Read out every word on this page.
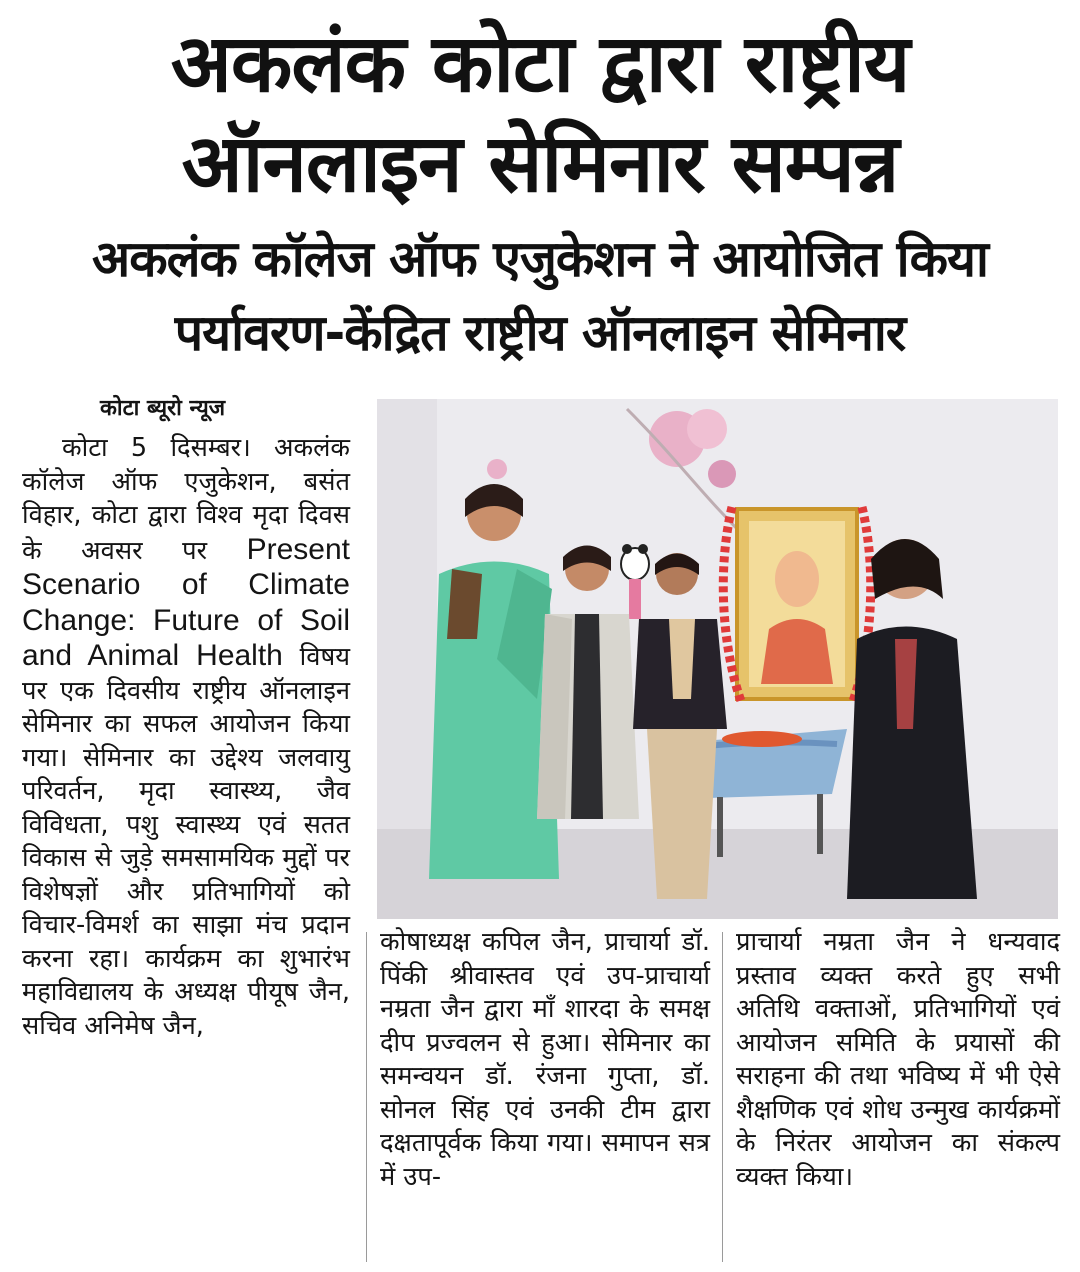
अकलंक कोटा द्वारा राष्ट्रीय
ऑनलाइन सेमिनार सम्पन्न
अकलंक कॉलेज ऑफ एजुकेशन ने आयोजित किया
पर्यावरण-केंद्रित राष्ट्रीय ऑनलाइन सेमिनार
कोटा ब्यूरो न्यूज

कोटा 5 दिसम्बर। अकलंक कॉलेज ऑफ एजुकेशन, बसंत विहार, कोटा द्वारा विश्व मृदा दिवस के अवसर पर Present Scenario of Climate Change: Future of Soil and Animal Health विषय पर एक दिवसीय राष्ट्रीय ऑनलाइन सेमिनार का सफल आयोजन किया गया। सेमिनार का उद्देश्य जलवायु परिवर्तन, मृदा स्वास्थ्य, जैव विविधता, पशु स्वास्थ्य एवं सतत विकास से जुड़े समसामयिक मुद्दों पर विशेषज्ञों और प्रतिभागियों को विचार-विमर्श का साझा मंच प्रदान करना रहा। कार्यक्रम का शुभारंभ महाविद्यालय के अध्यक्ष पीयूष जैन, सचिव अनिमेष जैन,

कोषाध्यक्ष कपिल जैन, प्राचार्या डॉ. पिंकी श्रीवास्तव एवं उप-प्राचार्या नम्रता जैन द्वारा माँ शारदा के समक्ष दीप प्रज्वलन से हुआ। सेमिनार का समन्वयन डॉ. रंजना गुप्ता, डॉ. सोनल सिंह एवं उनकी टीम द्वारा दक्षतापूर्वक किया गया। समापन सत्र में उप-

प्राचार्या नम्रता जैन ने धन्यवाद प्रस्ताव व्यक्त करते हुए सभी अतिथि वक्ताओं, प्रतिभागियों एवं आयोजन समिति के प्रयासों की सराहना की तथा भविष्य में भी ऐसे शैक्षणिक एवं शोध उन्मुख कार्यक्रमों के निरंतर आयोजन का संकल्प व्यक्त किया।
